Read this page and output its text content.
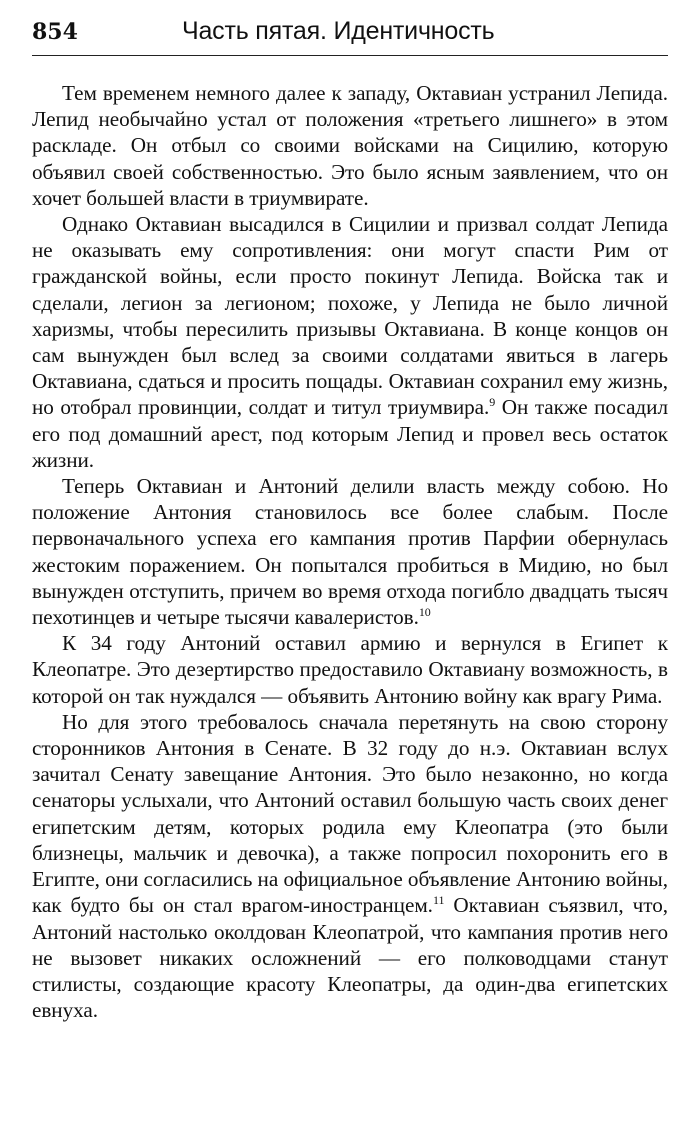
854	Часть пятая. Идентичность

Тем временем немного далее к западу, Октавиан устранил Лепида. Лепид необычайно устал от положения «третьего лишнего» в этом раскладе. Он отбыл со своими войсками на Сицилию, которую объявил своей собственностью. Это было ясным заявлением, что он хочет большей власти в триумвирате.

Однако Октавиан высадился в Сицилии и призвал солдат Лепида не оказывать ему сопротивления: они могут спасти Рим от гражданской войны, если просто покинут Лепида. Войска так и сделали, легион за легионом; похоже, у Лепида не было личной харизмы, чтобы пересилить призывы Октавиана. В конце концов он сам вынужден был вслед за своими солдатами явиться в лагерь Октавиана, сдаться и просить пощады. Октавиан сохранил ему жизнь, но отобрал провинции, солдат и титул триумвира.$^9$ Он также посадил его под домашний арест, под которым Лепид и провел весь остаток жизни.

Теперь Октавиан и Антоний делили власть между собою. Но положение Антония становилось все более слабым. После первоначального успеха его кампания против Парфии обернулась жестоким поражением. Он попытался пробиться в Мидию, но был вынужден отступить, причем во время отхода погибло двадцать тысяч пехотинцев и четыре тысячи кавалеристов.$^{10}$

К 34 году Антоний оставил армию и вернулся в Египет к Клеопатре. Это дезертирство предоставило Октавиану возможность, в которой он так нуждался — объявить Антонию войну как врагу Рима.

Но для этого требовалось сначала перетянуть на свою сторону сторонников Антония в Сенате. В 32 году до н.э. Октавиан вслух зачитал Сенату завещание Антония. Это было незаконно, но когда сенаторы услыхали, что Антоний оставил большую часть своих денег египетским детям, которых родила ему Клеопатра (это были близнецы, мальчик и девочка), а также попросил похоронить его в Египте, они согласились на официальное объявление Антонию войны, как будто бы он стал врагом-иностранцем.$^{11}$ Октавиан съязвил, что, Антоний настолько околдован Клеопатрой, что кампания против него не вызовет никаких осложнений — его полководцами станут стилисты, создающие красоту Клеопатры, да один-два египетских евнуха.
